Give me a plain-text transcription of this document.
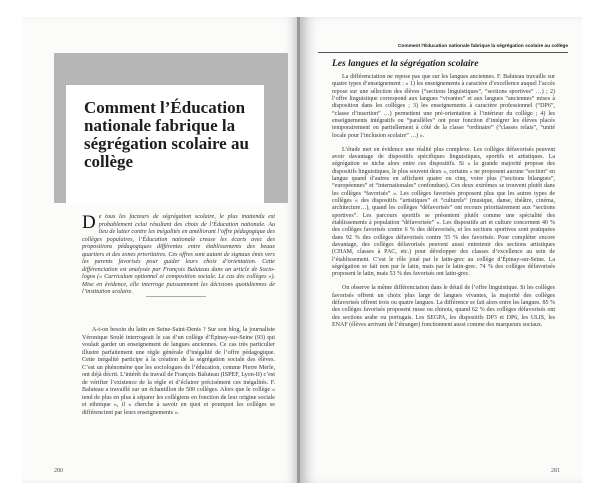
Comment l’Éducation nationale fabrique la ségrégation scolaire au collège

De tous les facteurs de ségrégation scolaire, le plus inattendu est probablement celui résultant des choix de l’Éducation nationale. Au lieu de lutter contre les inégalités en améliorant l’offre pédagogique des collèges populaires, l’Éducation nationale creuse les écarts avec des propositions pédagogiques différentes entre établissements des beaux quartiers et des zones prioritaires. Ces offres sont autant de signaux émis vers les parents favorisés pour guider leurs choix d’orientation. Cette différenciation est analysée par François Baluteau dans un article de Socio-logos (« Curriculum optionnel et composition sociale. Le cas des collèges »). Mise en évidence, elle interroge puissamment les décisions quotidiennes de l’institution scolaire.

A-t-on besoin du latin en Seine-Saint-Denis ? Sur son blog, la journaliste Véronique Soulé interrogeait le cas d’un collège d’Épinay-sur-Seine (93) qui voulait garder un enseignement de langues anciennes. Ce cas très particulier illustre parfaitement une règle générale d’inégalité de l’offre pédagogique. Cette inégalité participe à la création de la ségrégation sociale des élèves. C’est un phénomène que les sociologues de l’éducation, comme Pierre Merle, ont déjà décrit. L’intérêt du travail de François Baluteau (ISPEF, Lyon-II) c’est de vérifier l’existence de la règle et d’éclairer précisément ces inégalités. F. Baluteau a travaillé sur un échantillon de 500 collèges. Alors que le collège « tend de plus en plus à séparer les collégiens en fonction de leur origine sociale et ethnique », il « cherche à savoir en quoi et pourquoi les collèges se différencient par leurs enseignements ».

280
Comment l’Éducation nationale fabrique la ségrégation scolaire au collège
Les langues et la ségrégation scolaire

La différenciation ne repose pas que sur les langues anciennes. F. Baluteau travaille sur quatre types d’enseignement : « 1) les enseignements à caractère d’excellence auquel l’accès repose sur une sélection des élèves (“sections linguistiques”, “sections sportives” …) ; 2) l’offre linguistique correspond aux langues “vivantes” et aux langues “anciennes” mises à disposition dans les collèges ; 3) les enseignements à caractère professionnel (“DP6”, “classe d’insertion” …) permettent une pré-orientation à l’intérieur du collège ; 4) les enseignements intégratifs ou “parallèles” ont pour fonction d’intégrer les élèves placés temporairement ou partiellement à côté de la classe “ordinaire” (“classes relais”, “unité locale pour l’inclusion scolaire” …) ».

L’étude met en évidence une réalité plus complexe. Les collèges défavorisés peuvent avoir davantage de dispositifs spécifiques linguistiques, sportifs et artistiques. La ségrégation se niche alors entre ces dispositifs. Si « la grande majorité propose des dispositifs linguistiques, le plus souvent deux », certains « ne proposent aucune “section” en langue quand d’autres en affichent quatre ou cinq, voire plus (“sections bilangues”, “européennes” et “internationales” confondues). Ces deux extrêmes se trouvent plutôt dans les collèges “favorisés” ». Les collèges favorisés proposent plus que les autres types de collèges « des dispositifs “artistiques” et “culturels” (musique, danse, théâtre, cinéma, architecture…), quand les collèges “défavorisés” ont recours prioritairement aux “sections sportives”. Les parcours sportifs se présentent plutôt comme une spécialité des établissements à population “défavorisée” ». Les dispositifs art et culture concernent 40 % des collèges favorisés contre 6 % des défavorisés, et les sections sportives sont pratiquées dans 92 % des collèges défavorisés contre 55 % des favorisés. Pour compléter encore davantage, des collèges défavorisés peuvent aussi entretenir des sections artistiques (CHAM, classes à PAC, etc.) pour développer des classes d’excellence au sein de l’établissement. C’est le rôle joué par le latin-grec au collège d’Épinay-sur-Seine. La ségrégation se fait non par le latin, mais par le latin-grec. 74 % des collèges défavorisés proposent le latin, mais 53 % des favorisés ont latin-grec.

On observe la même différenciation dans le détail de l’offre linguistique. Si les collèges favorisés offrent un choix plus large de langues vivantes, la majorité des collèges défavorisés offrent trois ou quatre langues. La différence se fait alors entre les langues. 85 % des collèges favorisés proposent russe ou chinois, quand 62 % des collèges défavorisés ont des sections arabe ou portugais. Les SEGPA, les dispositifs DP3 et DP6, les ULIS, les ENAF (élèves arrivant de l’étranger) fonctionnent aussi comme des marqueurs sociaux.

281
